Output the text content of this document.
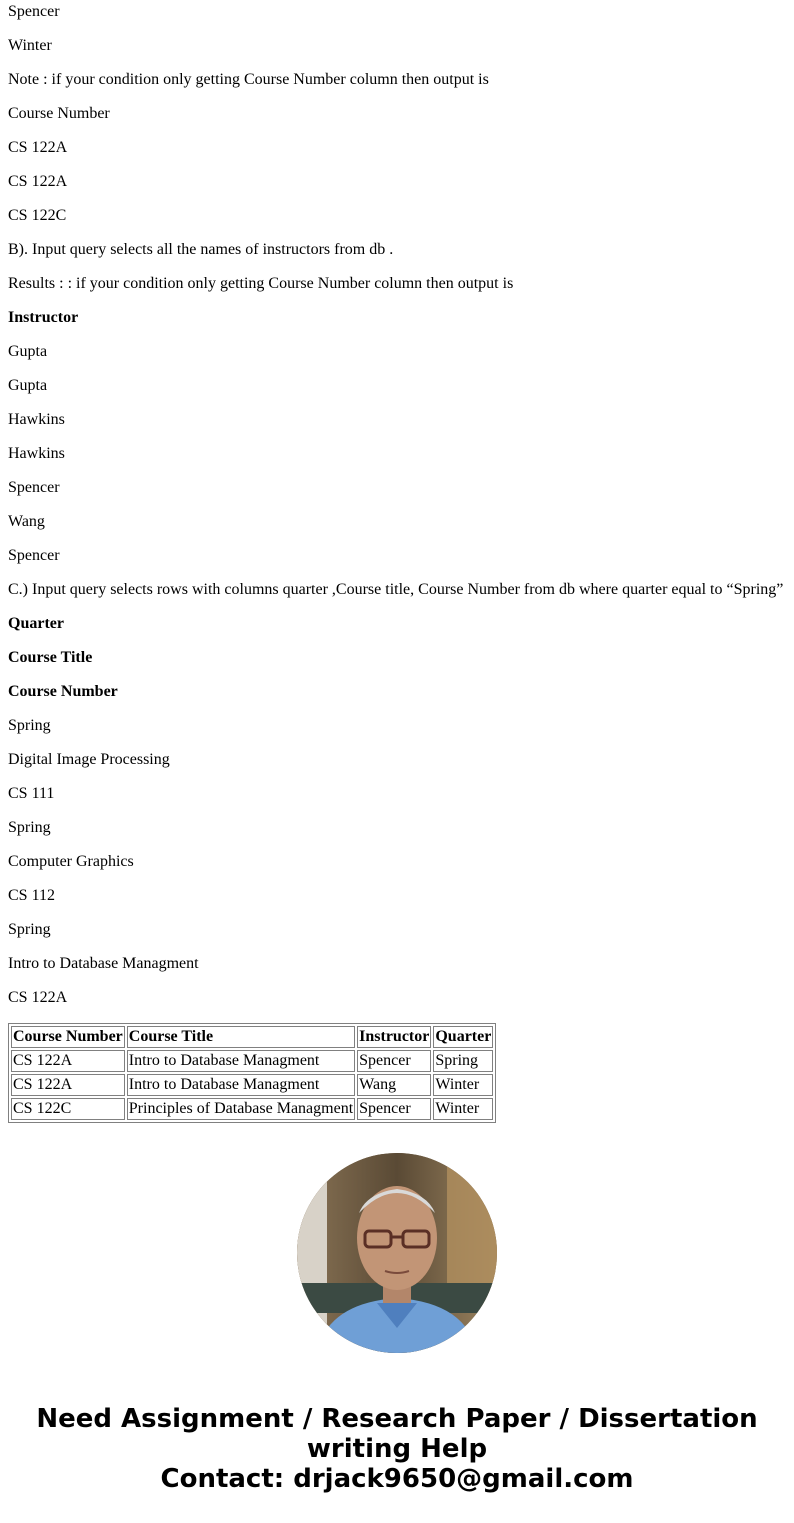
Spencer
Winter
Note : if your condition only getting Course Number column then output is
Course Number
CS 122A
CS 122A
CS 122C
B). Input query selects all the names of instructors from db .
Results : : if your condition only getting Course Number column then output is
Instructor
Gupta
Gupta
Hawkins
Hawkins
Spencer
Wang
Spencer
C.) Input query selects rows with columns quarter ,Course title, Course Number from db where quarter equal to “Spring”
Quarter
Course Title
Course Number
Spring
Digital Image Processing
CS 111
Spring
Computer Graphics
CS 112
Spring
Intro to Database Managment
CS 122A
Course Number	Course Title	Instructor	Quarter
CS 122A	Intro to Database Managment	Spencer	Spring
CS 122A	Intro to Database Managment	Wang	Winter
CS 122C	Principles of Database Managment	Spencer	Winter
Need Assignment / Research Paper / Dissertation
writing Help
Contact: drjack9650@gmail.com
